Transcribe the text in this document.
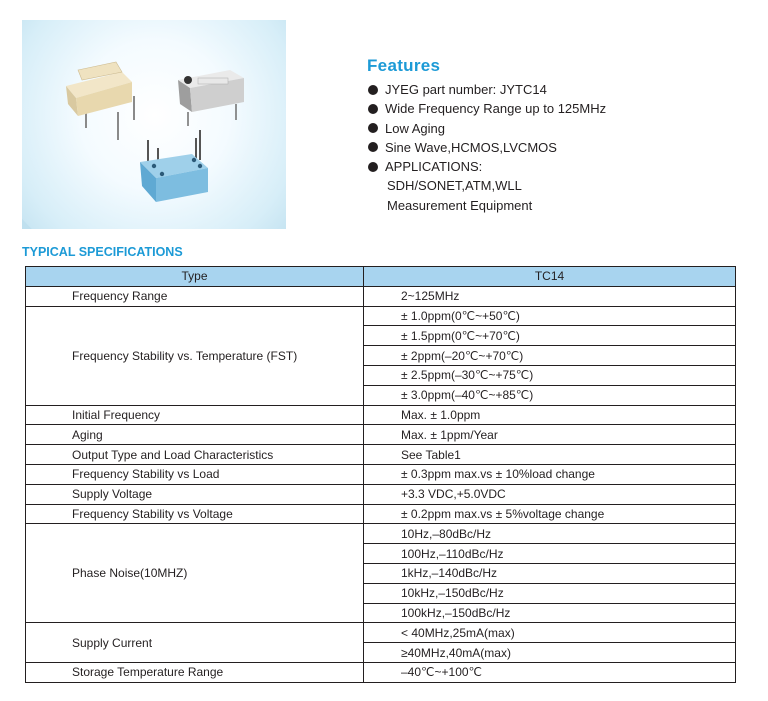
Features
JYEG part number: JYTC14
Wide Frequency Range up to 125MHz
Low Aging
Sine Wave,HCMOS,LVCMOS
APPLICATIONS:
SDH/SONET,ATM,WLL
Measurement Equipment
TYPICAL SPECIFICATIONS
Type	TC14
Frequency Range	2~125MHz
Frequency Stability vs. Temperature (FST)	± 1.0ppm(0℃~+50℃)
	± 1.5ppm(0℃~+70℃)
	± 2ppm(–20℃~+70℃)
	± 2.5ppm(–30℃~+75℃)
	± 3.0ppm(–40℃~+85℃)
Initial Frequency	Max. ± 1.0ppm
Aging	Max. ± 1ppm/Year
Output Type and Load Characteristics	See Table1
Frequency Stability vs Load	± 0.3ppm max.vs ± 10%load change
Supply Voltage	+3.3 VDC,+5.0VDC
Frequency Stability vs Voltage	± 0.2ppm max.vs ± 5%voltage change
Phase Noise(10MHZ)	10Hz,–80dBc/Hz
	100Hz,–110dBc/Hz
	1kHz,–140dBc/Hz
	10kHz,–150dBc/Hz
	100kHz,–150dBc/Hz
Supply Current	< 40MHz,25mA(max)
	≥40MHz,40mA(max)
Storage Temperature Range	–40℃~+100℃
